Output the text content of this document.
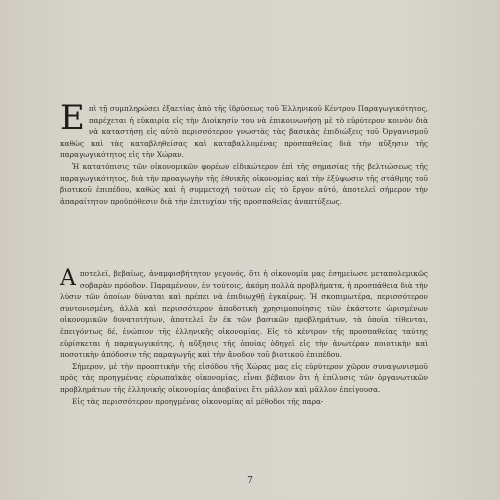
Επὶ τῇ συμπληρώσει ἑξαετίας ἀπὸ τῆς ἱδρύσεως τοῦ Ἑλληνικοῦ Κέντρου Παραγωγικότητος, παρέχεται ἡ εὐκαιρία εἰς τὴν Διοίκησίν του νὰ ἐπικοινωνήσῃ μὲ τὸ εὐρύτερον κοινὸν διὰ νὰ καταστήσῃ εἰς αὐτὸ περισσότερον γνωστὰς τὰς βασικὰς ἐπιδιώξεις τοῦ Ὀργανισμοῦ καθὼς καὶ τὰς καταβληθείσας καὶ καταβαλλομένας προσπαθείας διὰ τὴν αὔξησιν τῆς παραγωγικότητος εἰς τὴν Χώραν.

Ἡ κατατόπισις τῶν οἰκονομικῶν φορέων εἰδικώτερον ἐπὶ τῆς σημασίας τῆς βελτιώσεως τῆς παραγωγικότητος, διὰ τὴν προαγωγὴν τῆς ἐθνικῆς οἰκονομίας καὶ τὴν ἐξύψωσιν τῆς στάθμης τοῦ βιοτικοῦ ἐπιπέδου, καθὼς καὶ ἡ συμμετοχή τούτων εἰς τὸ ἔργον αὐτό, ἀποτελεῖ σήμερον τὴν ἀπαραίτητον προϋπόθεσιν διὰ τὴν ἐπιτυχίαν τῆς προσπαθείας ἀναπτύξεως.

Αποτελεῖ, βεβαίως, ἀναμφισβήτητον γεγονός, ὅτι ἡ οἰκονομία μας ἐσημείωσε μεταπολεμικῶς σοβαρὰν πρόοδον. Παραμένουν, ἐν τούτοις, ἀκόμη πολλὰ προβλήματα, ἡ προσπάθεια διὰ τὴν λύσιν τῶν ὁποίων δύναται καὶ πρέπει νὰ ἐπιδιωχθῇ ἐγκαίρως. Ἡ σκοπιμωτέρα, περισσότερον συντονισμένη, ἀλλὰ καὶ περισσότερον ἀποδοτικὴ χρησιμοποίησις τῶν ἑκάστοτε ὡρισμένων οἰκονομικῶν δυνατοτήτων, ἀποτελεῖ ἓν ἐκ τῶν βασικῶν προβλημάτων, τὰ ὁποῖα τίθενται, ἐπειγόντως δέ, ἐνώπιον τῆς ἑλληνικῆς οἰκονομίας. Εἰς τὸ κέντρον τῆς προσπαθείας ταύτης εὑρίσκεται ἡ παραγωγικότης, ἡ αὔξησις τῆς ὁποίας ὁδηγεῖ εἰς τὴν ἀνωτέραν ποιοτικὴν καὶ ποσοτικὴν ἀπόδοσιν τῆς παραγωγῆς καὶ τὴν ἄνοδον τοῦ βιοτικοῦ ἐπιπέδου.

Σήμερον, μὲ τὴν προοπτικὴν τῆς εἰσόδου τῆς Χώρας μας εἰς εὐρύτερον χῶρον συναγωνισμοῦ πρὸς τὰς προηγμένας εὐρωπαϊκὰς οἰκονομίας, εἶναι βέβαιον ὅτι ἡ ἐπίλυσις τῶν ὀργανωτικῶν προβλημάτων τῆς ἑλληνικῆς οἰκονομίας ἀποβαίνει ἔτι μᾶλλον καὶ μᾶλλον ἐπείγουσα.

Εἰς τὰς περισσότερον προηγμένας οἰκονομίας αἱ μέθοδοι τῆς παρα-

7
